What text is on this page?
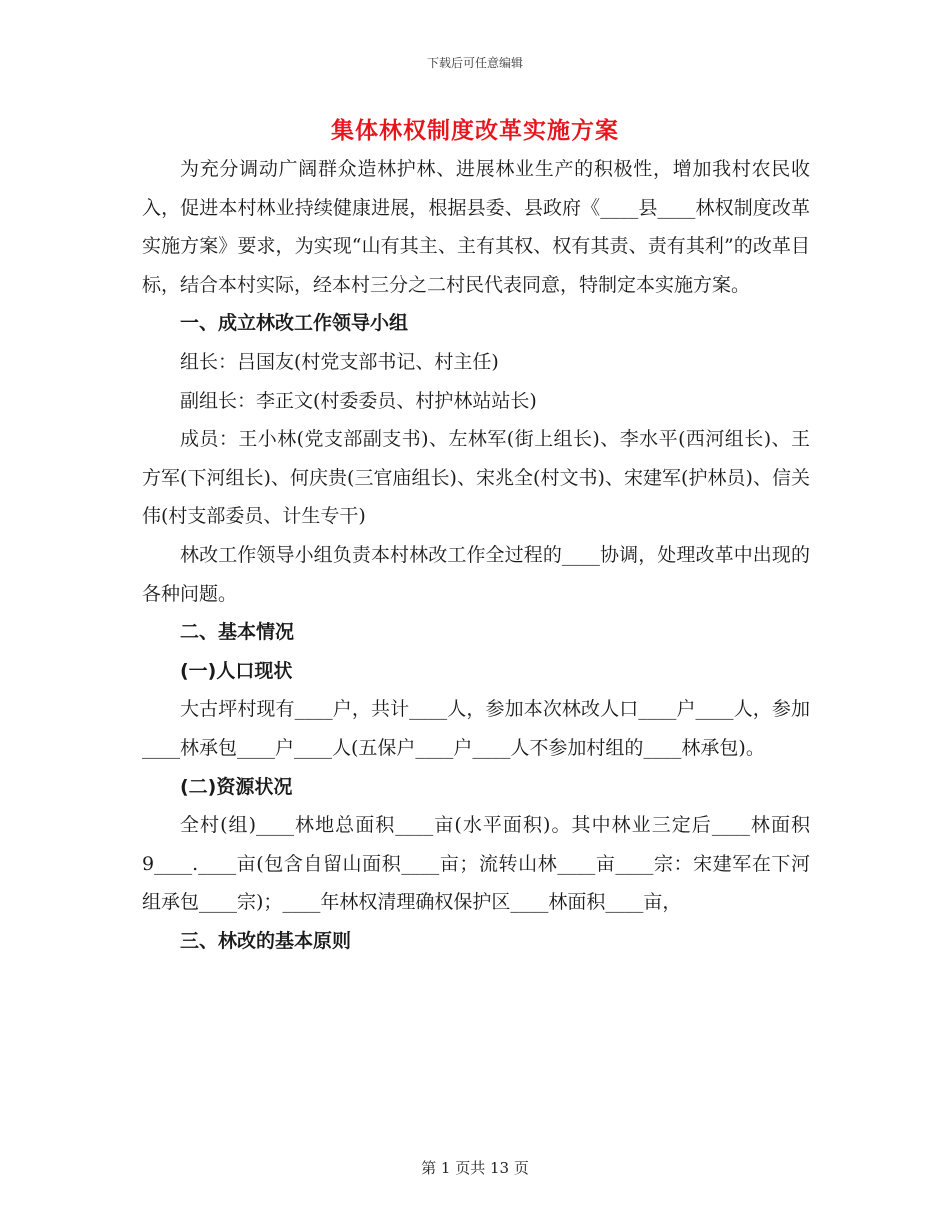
下载后可任意编辑
集体林权制度改革实施方案

为充分调动广阔群众造林护林、进展林业生产的积极性，增加我村农民收入，促进本村林业持续健康进展，根据县委、县政府《____县____林权制度改革实施方案》要求，为实现“山有其主、主有其权、权有其责、责有其利”的改革目标，结合本村实际，经本村三分之二村民代表同意，特制定本实施方案。

一、成立林改工作领导小组

组长：吕国友(村党支部书记、村主任)

副组长：李正文(村委委员、村护林站站长)

成员：王小林(党支部副支书)、左林军(街上组长)、李水平(西河组长)、王方军(下河组长)、何庆贵(三官庙组长)、宋兆全(村文书)、宋建军(护林员)、信关伟(村支部委员、计生专干)

林改工作领导小组负责本村林改工作全过程的____协调，处理改革中出现的各种问题。

二、基本情况

(一)人口现状

大古坪村现有____户，共计____人，参加本次林改人口____户____人，参加____林承包____户____人(五保户____户____人不参加村组的____林承包)。

(二)资源状况

全村(组)____林地总面积____亩(水平面积)。其中林业三定后____林面积9____.____亩(包含自留山面积____亩；流转山林____亩____宗：宋建军在下河组承包____宗)；____年林权清理确权保护区____林面积____亩，

三、林改的基本原则

第 1 页共 13 页
